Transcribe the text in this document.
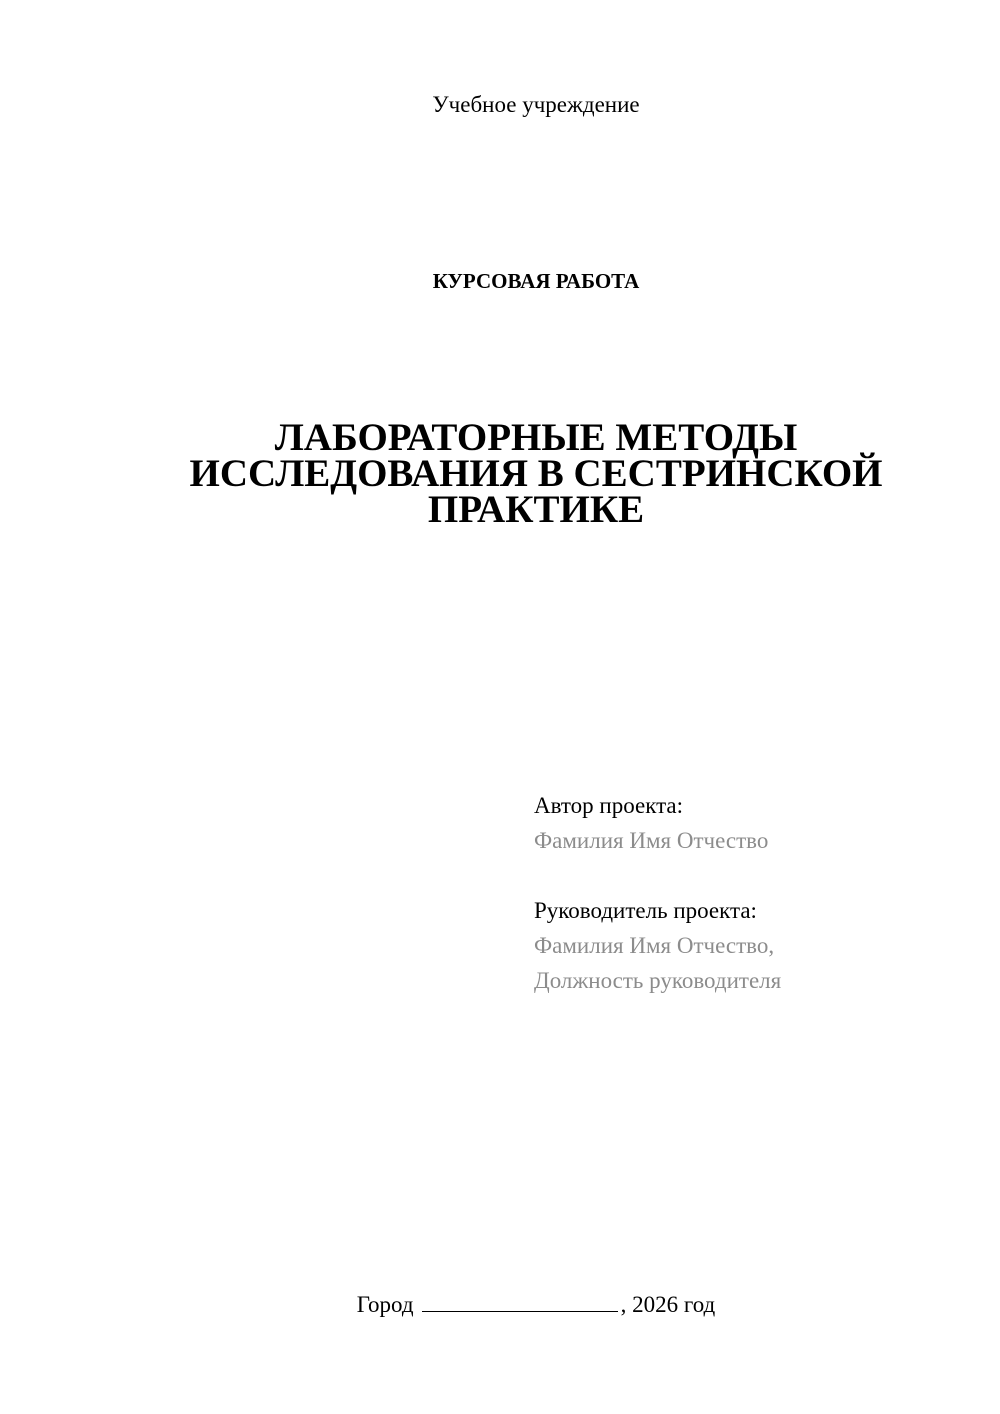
Учебное учреждение

КУРСОВАЯ РАБОТА

ЛАБОРАТОРНЫЕ МЕТОДЫ
ИССЛЕДОВАНИЯ В СЕСТРИНСКОЙ
ПРАКТИКЕ

Автор проекта:

Фамилия Имя Отчество

Руководитель проекта:

Фамилия Имя Отчество,

Должность руководителя

Город	, 2026 год
